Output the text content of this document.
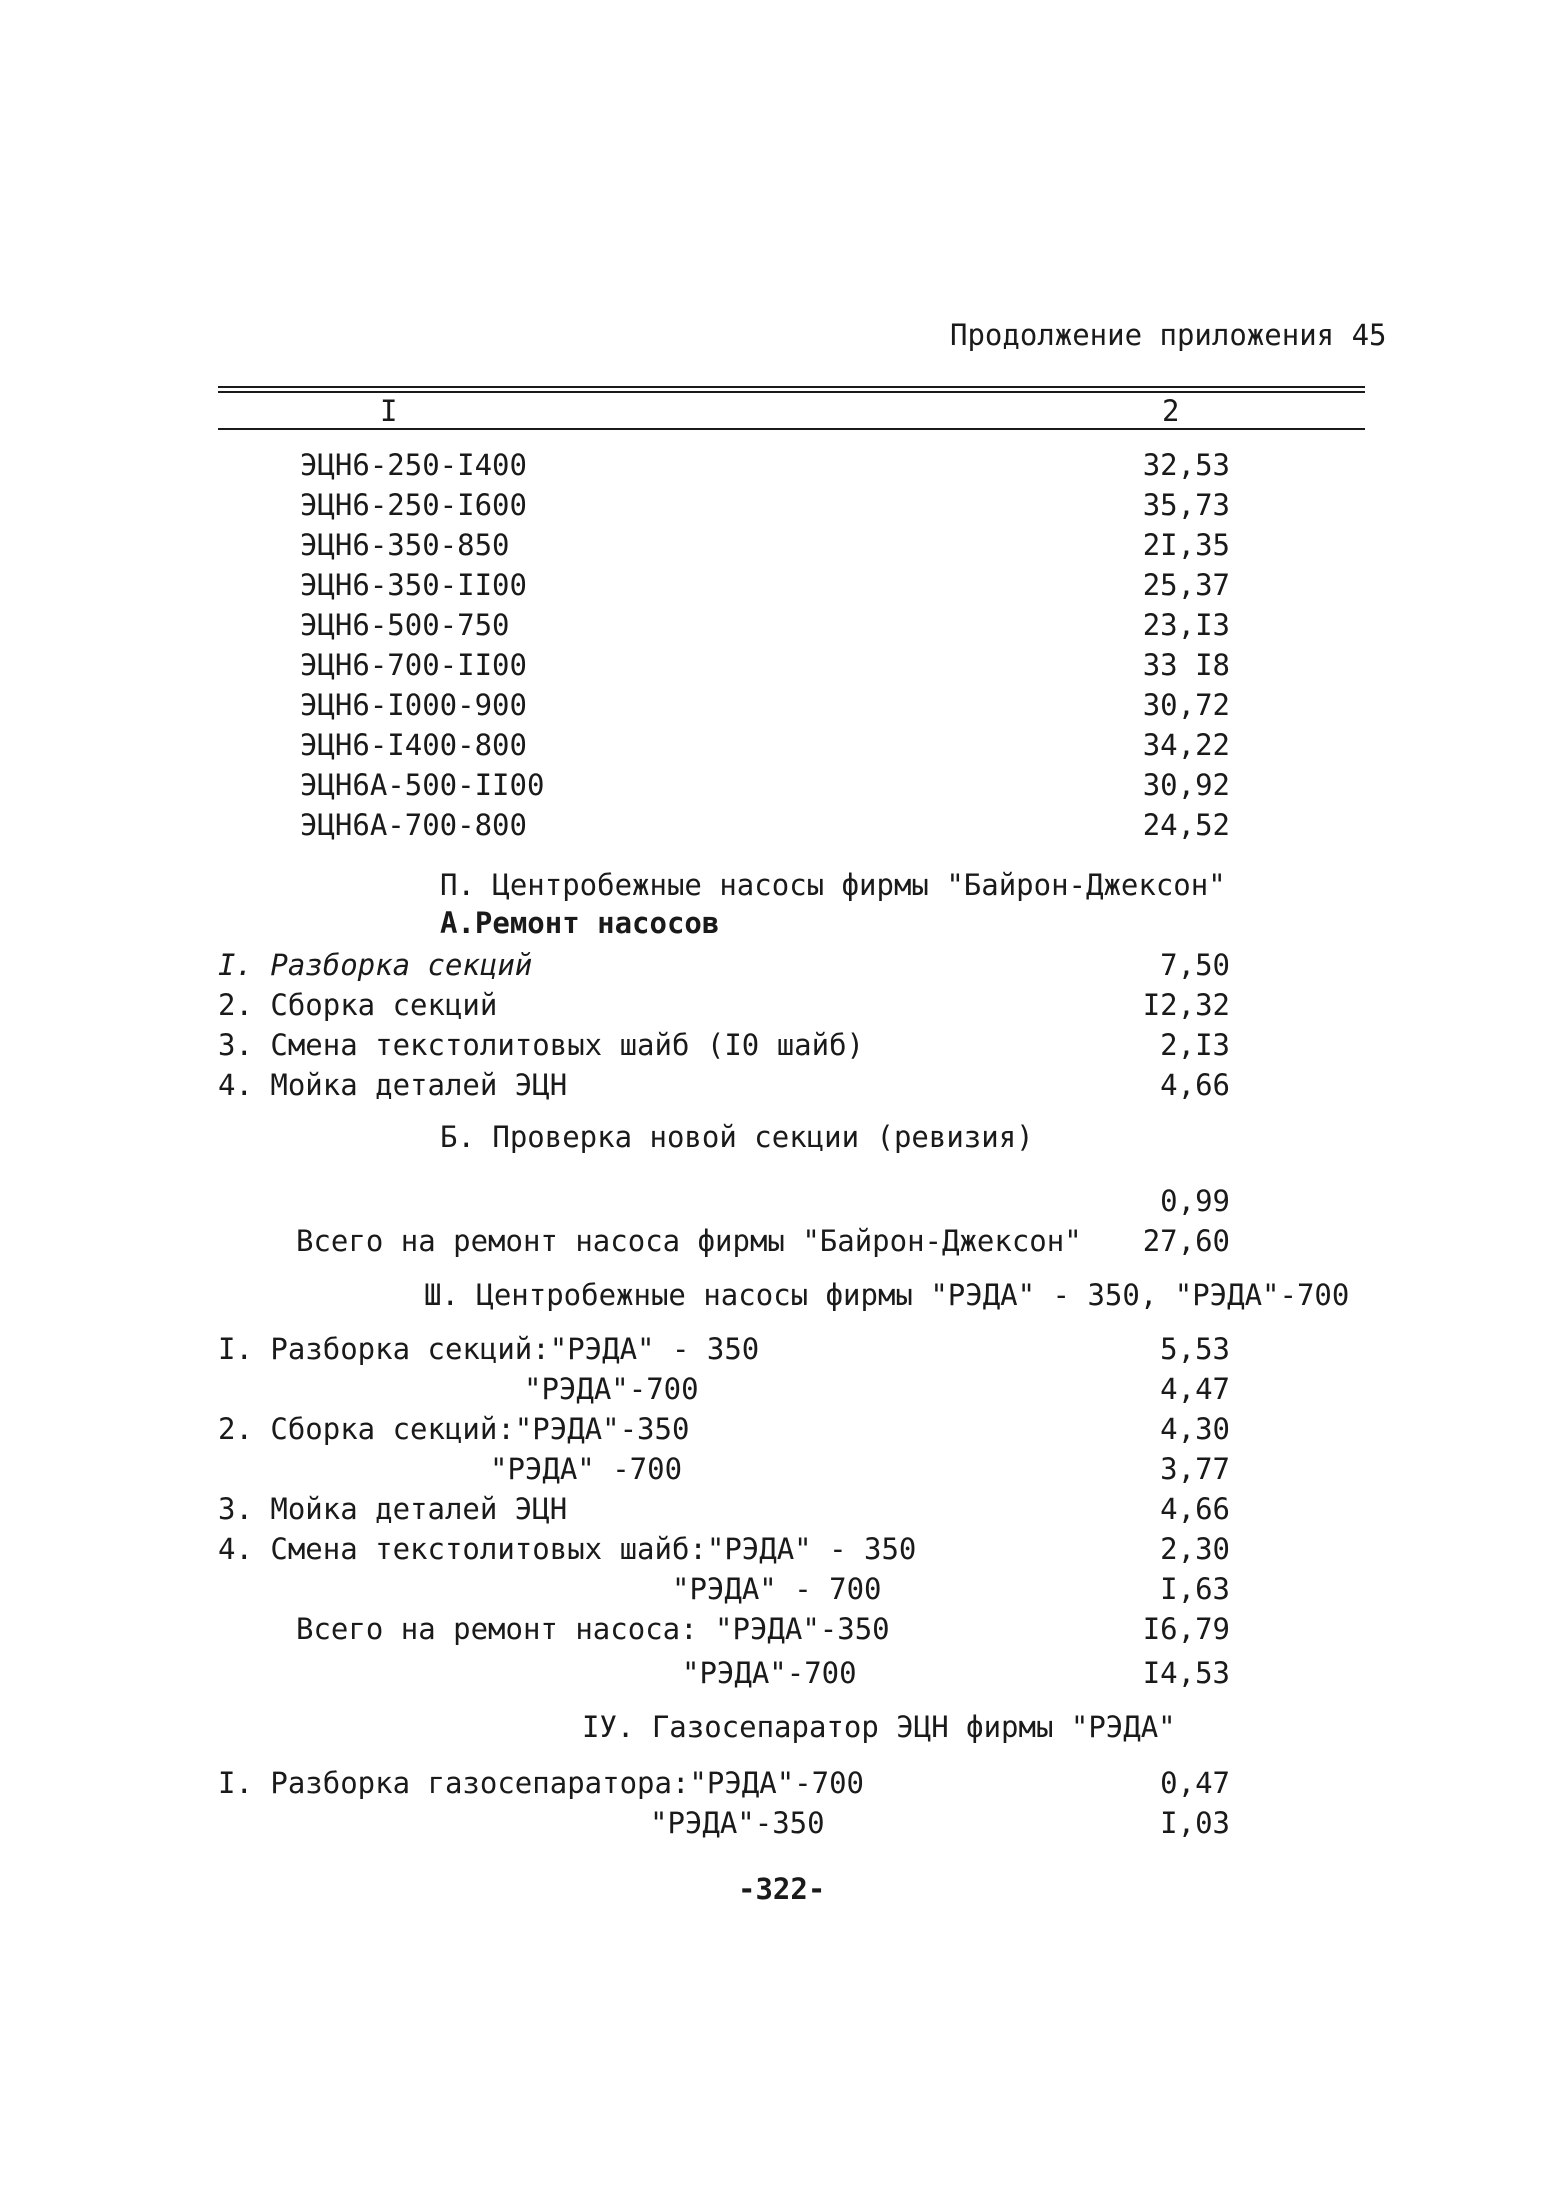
Продолжение приложения 45
I	2
ЭЦН6-250-I400	32,53
ЭЦН6-250-I600	35,73
ЭЦН6-350-850	2I,35
ЭЦН6-350-II00	25,37
ЭЦН6-500-750	23,I3
ЭЦН6-700-II00	33 I8
ЭЦН6-I000-900	30,72
ЭЦН6-I400-800	34,22
ЭЦН6А-500-II00	30,92
ЭЦН6А-700-800	24,52
П. Центробежные насосы фирмы "Байрон-Джексон"
А.Ремонт насосов
I. Разборка секций	7,50
2. Сборка секций	I2,32
3. Смена текстолитовых шайб (I0 шайб)	2,I3
4. Мойка деталей ЭЦН	4,66
Б. Проверка новой секции (ревизия)
0,99
Всего на ремонт насоса фирмы "Байрон-Джексон"	27,60
Ш. Центробежные насосы фирмы "РЭДА" - 350, "РЭДА"-700
I. Разборка секций:"РЭДА" - 350	5,53
"РЭДА"-700	4,47
2. Сборка секций:"РЭДА"-350	4,30
"РЭДА" -700	3,77
3. Мойка деталей ЭЦН	4,66
4. Смена текстолитовых шайб:"РЭДА" - 350	2,30
"РЭДА" - 700	I,63
Всего на ремонт насоса: "РЭДА"-350	I6,79
"РЭДА"-700	I4,53
IУ. Газосепаратор ЭЦН фирмы "РЭДА"
I. Разборка газосепаратора:"РЭДА"-700	0,47
"РЭДА"-350	I,03
-322-
